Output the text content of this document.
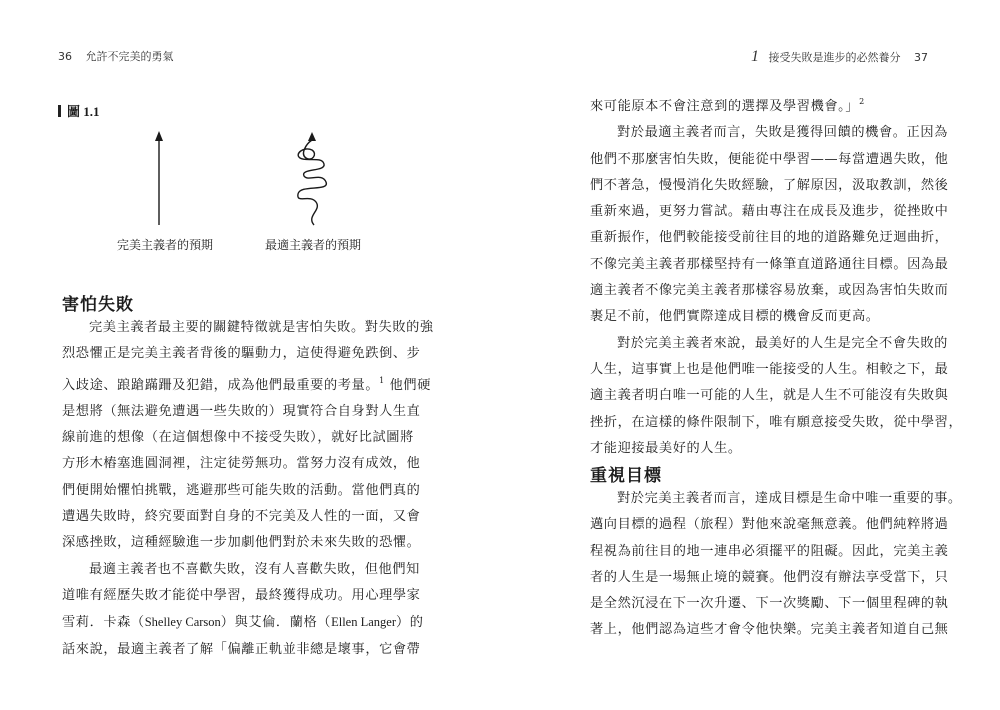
36 允許不完美的勇氣
圖 1.1
完美主義者的預期	最適主義者的預期
害怕失敗

完美主義者最主要的關鍵特徵就是害怕失敗。對失敗的強

烈恐懼正是完美主義者背後的驅動力，這使得避免跌倒、步

入歧途、踉蹌蹣跚及犯錯，成為他們最重要的考量。$^1$ 他們硬

是想將（無法避免遭遇一些失敗的）現實符合自身對人生直

線前進的想像（在這個想像中不接受失敗），就好比試圖將

方形木樁塞進圓洞裡，注定徒勞無功。當努力沒有成效，他

們便開始懼怕挑戰，逃避那些可能失敗的活動。當他們真的

遭遇失敗時，終究要面對自身的不完美及人性的一面，又會

深感挫敗，這種經驗進一步加劇他們對於未來失敗的恐懼。

最適主義者也不喜歡失敗，沒有人喜歡失敗，但他們知

道唯有經歷失敗才能從中學習，最終獲得成功。用心理學家

雪莉．卡森（Shelley Carson）與艾倫．蘭格（Ellen Langer）的

話來說，最適主義者了解「偏離正軌並非總是壞事，它會帶

1 接受失敗是進步的必然養分 37

來可能原本不會注意到的選擇及學習機會。」$^2$

對於最適主義者而言，失敗是獲得回饋的機會。正因為

他們不那麼害怕失敗，便能從中學習——每當遭遇失敗，他

們不著急，慢慢消化失敗經驗，了解原因，汲取教訓，然後

重新來過，更努力嘗試。藉由專注在成長及進步，從挫敗中

重新振作，他們較能接受前往目的地的道路難免迂迴曲折，

不像完美主義者那樣堅持有一條筆直道路通往目標。因為最

適主義者不像完美主義者那樣容易放棄，或因為害怕失敗而

裹足不前，他們實際達成目標的機會反而更高。

對於完美主義者來說，最美好的人生是完全不會失敗的

人生，這事實上也是他們唯一能接受的人生。相較之下，最

適主義者明白唯一可能的人生，就是人生不可能沒有失敗與

挫折，在這樣的條件限制下，唯有願意接受失敗，從中學習，

才能迎接最美好的人生。

重視目標

對於完美主義者而言，達成目標是生命中唯一重要的事。

邁向目標的過程（旅程）對他來說毫無意義。他們純粹將過

程視為前往目的地一連串必須擺平的阻礙。因此，完美主義

者的人生是一場無止境的競賽。他們沒有辦法享受當下，只

是全然沉浸在下一次升遷、下一次獎勵、下一個里程碑的執

著上，他們認為這些才會令他快樂。完美主義者知道自己無
